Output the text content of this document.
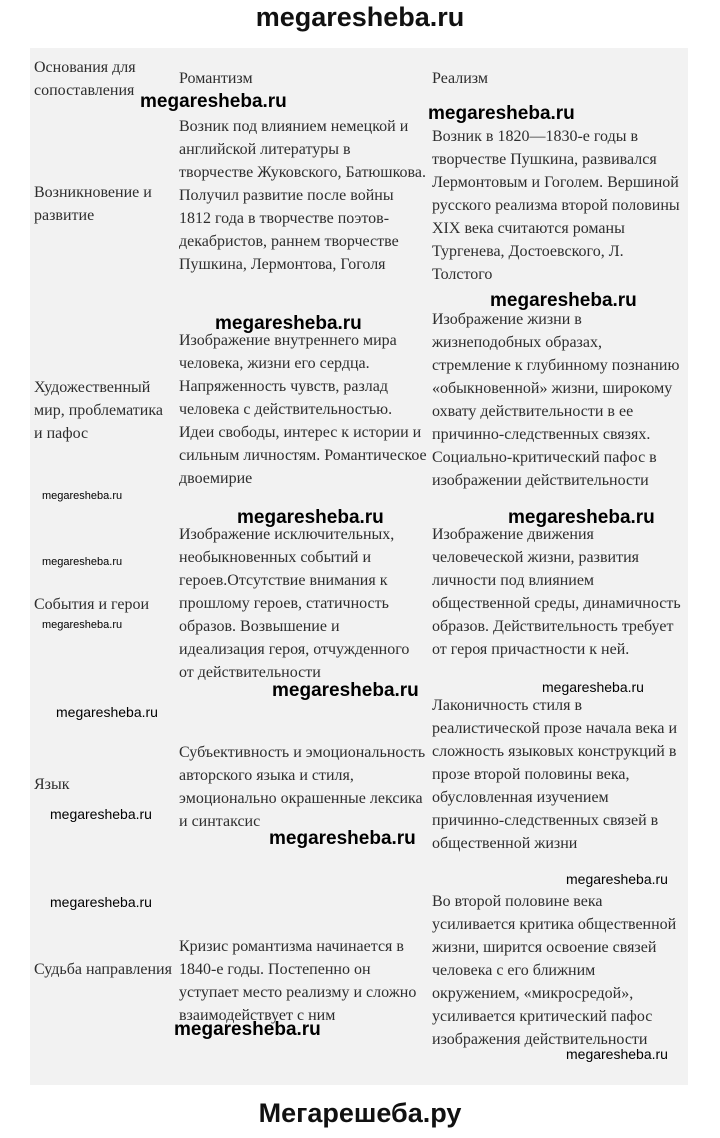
megaresheba.ru
Основания для сопоставления
Романтизм	Реализм
Возникновение и развитие
Возник под влиянием немецкой и английской литературы в творчестве Жуковского, Батюшкова. Получил развитие после войны 1812 года в творчестве поэтов-декабристов, раннем творчестве Пушкина, Лермонтова, Гоголя
Возник в 1820—1830-е годы в творчестве Пушкина, развивался Лермонтовым и Гоголем. Вершиной русского реализма второй половины XIX века считаются романы Тургенева, Достоевского, Л. Толстого
Художественный мир, проблематика и пафос
Изображение внутреннего мира человека, жизни его сердца. Напряженность чувств, разлад человека с действительностью. Идеи свободы, интерес к истории и сильным личностям. Романтическое двоемирие
Изображение жизни в жизнеподобных образах, стремление к глубинному познанию «обыкновенной» жизни, широкому охвату действительности в ее причинно-следственных связях. Социально-критический пафос в изображении действительности
События и герои
Изображение исключительных, необыкновенных событий и героев.Отсутствие внимания к прошлому героев, статичность образов. Возвышение и идеализация героя, отчужденного от действительности
Изображение движения человеческой жизни, развития личности под влиянием общественной среды, динамичность образов. Действительность требует от героя причастности к ней.
Язык
Субъективность и эмоциональность авторского языка и стиля, эмоционально окрашенные лексика и синтаксис
Лаконичность стиля в реалистической прозе начала века и сложность языковых конструкций в прозе второй половины века, обусловленная изучением причинно-следственных связей в общественной жизни
Судьба направления
Кризис романтизма начинается в 1840-е годы. Постепенно он уступает место реализму и сложно взаимодействует с ним
Во второй половине века усиливается критика общественной жизни, ширится освоение связей человека с его ближним окружением, «микросредой», усиливается критический пафос изображения действительности
megaresheba.ru
megaresheba.ru
megaresheba.ru
megaresheba.ru
megaresheba.ru	megaresheba.ru
megaresheba.ru
megaresheba.ru
megaresheba.ru
megaresheba.ru
megaresheba.ru
megaresheba.ru
megaresheba.ru
megaresheba.ru
megaresheba.ru
megaresheba.ru
megaresheba.ru
megaresheba.ru
Мегарешеба.ру
